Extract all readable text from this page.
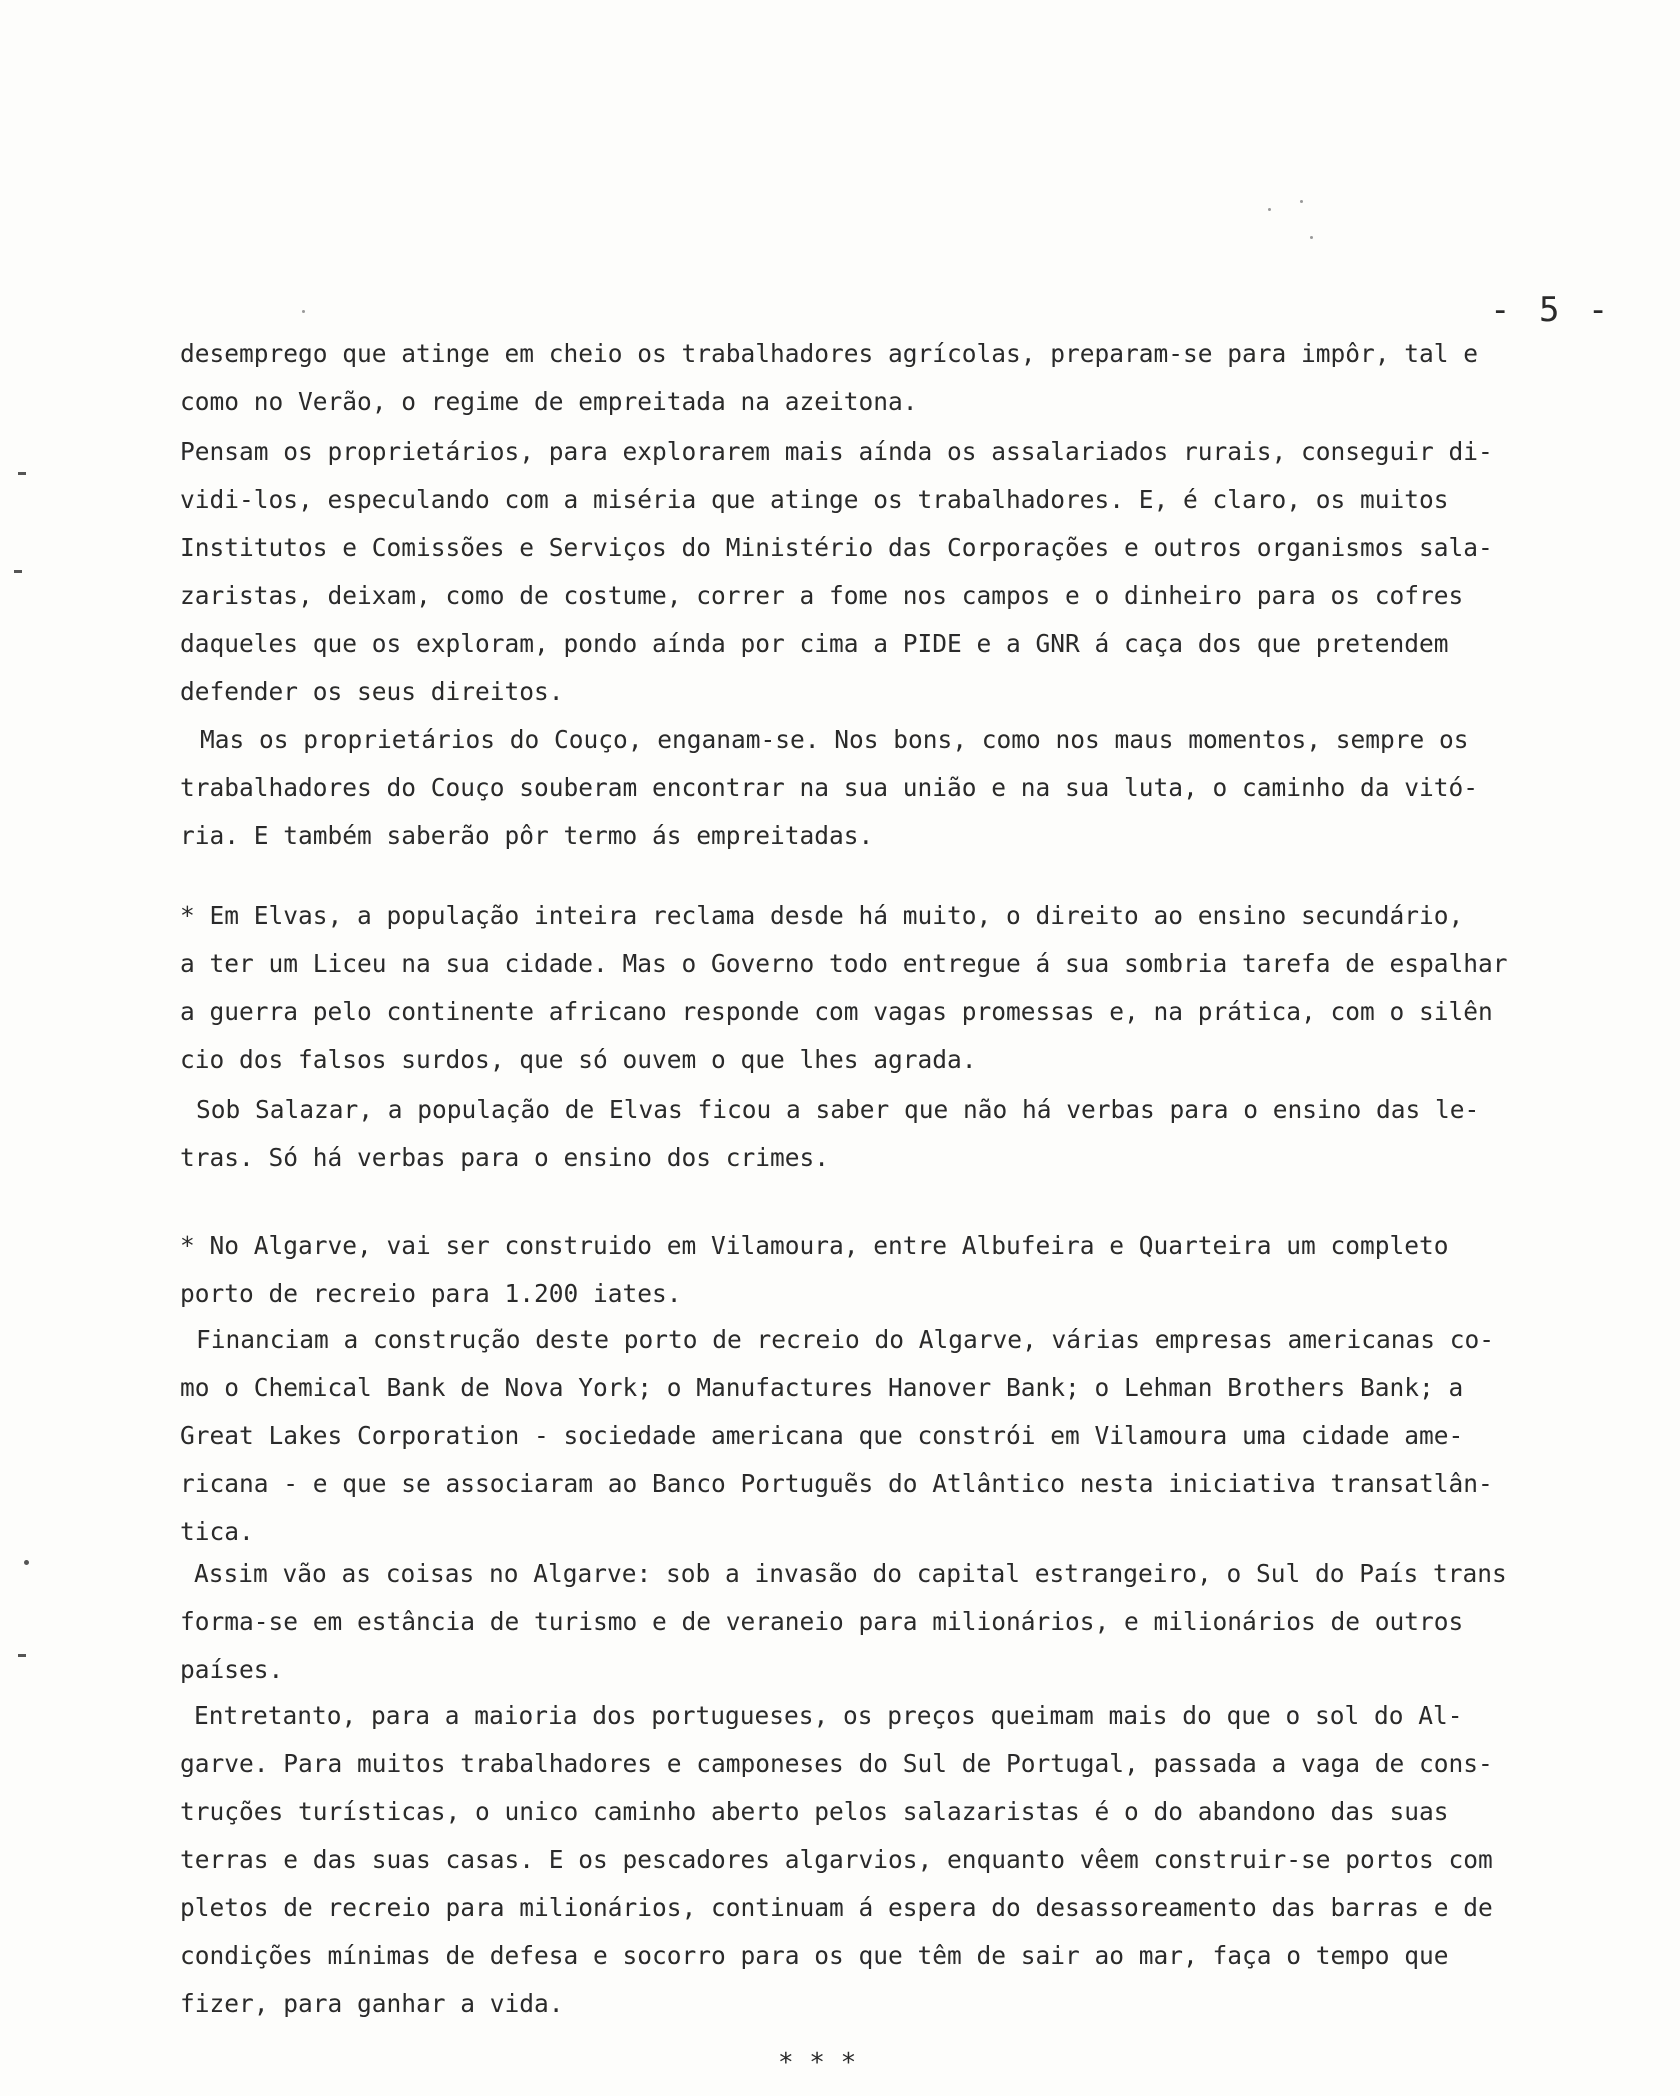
- 5 -
desemprego que atinge em cheio os trabalhadores agrícolas, preparam-se para impôr, tal e
como no Verão, o regime de empreitada na azeitona.
Pensam os proprietários, para explorarem mais aínda os assalariados rurais, conseguir di-
vidi-los, especulando com a miséria que atinge os trabalhadores. E, é claro, os muitos
Institutos e Comissões e Serviços do Ministério das Corporações e outros organismos sala-
zaristas, deixam, como de costume, correr a fome nos campos e o dinheiro para os cofres
daqueles que os exploram, pondo aínda por cima a PIDE e a GNR á caça dos que pretendem
defender os seus direitos.
Mas os proprietários do Couço, enganam-se. Nos bons, como nos maus momentos, sempre os
trabalhadores do Couço souberam encontrar na sua união e na sua luta, o caminho da vitó-
ria. E também saberão pôr termo ás empreitadas.
* Em Elvas, a população inteira reclama desde há muito, o direito ao ensino secundário,
a ter um Liceu na sua cidade. Mas o Governo todo entregue á sua sombria tarefa de espalhar
a guerra pelo continente africano responde com vagas promessas e, na prática, com o silên
cio dos falsos surdos, que só ouvem o que lhes agrada.
Sob Salazar, a população de Elvas ficou a saber que não há verbas para o ensino das le-
tras. Só há verbas para o ensino dos crimes.
* No Algarve, vai ser construido em Vilamoura, entre Albufeira e Quarteira um completo
porto de recreio para 1.200 iates.
Financiam a construção deste porto de recreio do Algarve, várias empresas americanas co-
mo o Chemical Bank de Nova York; o Manufactures Hanover Bank; o Lehman Brothers Bank; a
Great Lakes Corporation - sociedade americana que constrói em Vilamoura uma cidade ame-
ricana - e que se associaram ao Banco Portuguẽs do Atlântico nesta iniciativa transatlân-
tica.
Assim vão as coisas no Algarve: sob a invasão do capital estrangeiro, o Sul do País trans
forma-se em estância de turismo e de veraneio para milionários, e milionários de outros
países.
Entretanto, para a maioria dos portugueses, os preços queimam mais do que o sol do Al-
garve. Para muitos trabalhadores e camponeses do Sul de Portugal, passada a vaga de cons-
truções turísticas, o unico caminho aberto pelos salazaristas é o do abandono das suas
terras e das suas casas. E os pescadores algarvios, enquanto vêem construir-se portos com
pletos de recreio para milionários, continuam á espera do desassoreamento das barras e de
condições mínimas de defesa e socorro para os que têm de sair ao mar, faça o tempo que
fizer, para ganhar a vida.
* * *
